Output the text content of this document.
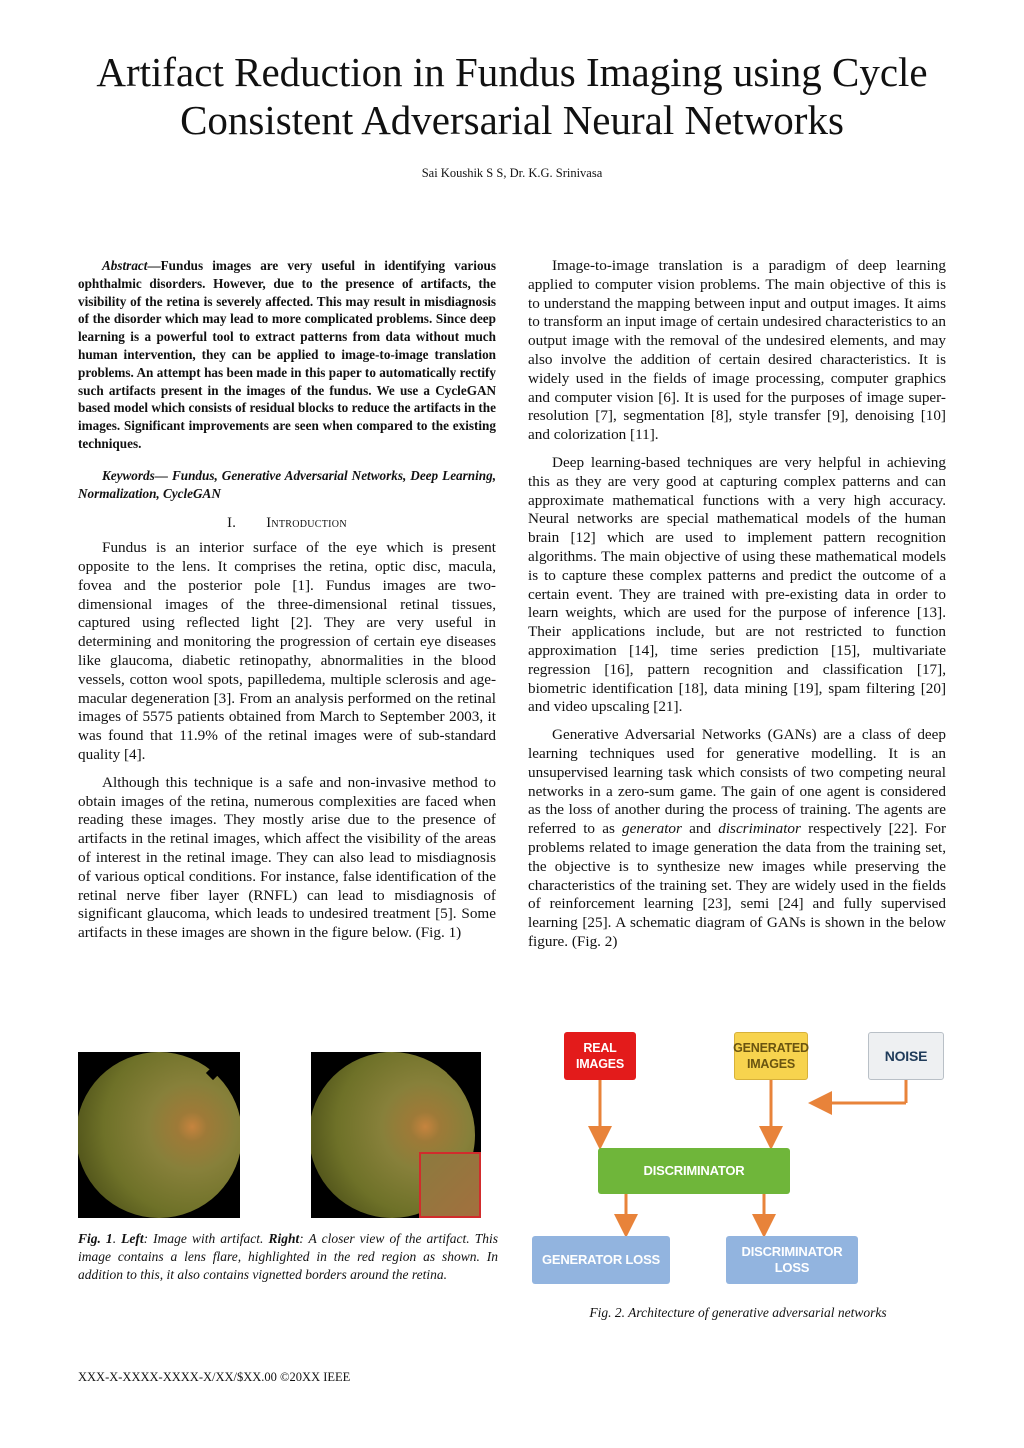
Artifact Reduction in Fundus Imaging using Cycle Consistent Adversarial Neural Networks
Sai Koushik S S, Dr. K.G. Srinivasa
Abstract—Fundus images are very useful in identifying various ophthalmic disorders. However, due to the presence of artifacts, the visibility of the retina is severely affected. This may result in misdiagnosis of the disorder which may lead to more complicated problems. Since deep learning is a powerful tool to extract patterns from data without much human intervention, they can be applied to image-to-image translation problems. An attempt has been made in this paper to automatically rectify such artifacts present in the images of the fundus. We use a CycleGAN based model which consists of residual blocks to reduce the artifacts in the images. Significant improvements are seen when compared to the existing techniques.
Keywords— Fundus, Generative Adversarial Networks, Deep Learning, Normalization, CycleGAN
I. Introduction

Fundus is an interior surface of the eye which is present opposite to the lens. It comprises the retina, optic disc, macula, fovea and the posterior pole [1]. Fundus images are two-dimensional images of the three-dimensional retinal tissues, captured using reflected light [2]. They are very useful in determining and monitoring the progression of certain eye diseases like glaucoma, diabetic retinopathy, abnormalities in the blood vessels, cotton wool spots, papilledema, multiple sclerosis and age-macular degeneration [3]. From an analysis performed on the retinal images of 5575 patients obtained from March to September 2003, it was found that 11.9% of the retinal images were of sub-standard quality [4].

Although this technique is a safe and non-invasive method to obtain images of the retina, numerous complexities are faced when reading these images. They mostly arise due to the presence of artifacts in the retinal images, which affect the visibility of the areas of interest in the retinal image. They can also lead to misdiagnosis of various optical conditions. For instance, false identification of the retinal nerve fiber layer (RNFL) can lead to misdiagnosis of significant glaucoma, which leads to undesired treatment [5]. Some artifacts in these images are shown in the figure below. (Fig. 1)

Image-to-image translation is a paradigm of deep learning applied to computer vision problems. The main objective of this is to understand the mapping between input and output images. It aims to transform an input image of certain undesired characteristics to an output image with the removal of the undesired elements, and may also involve the addition of certain desired characteristics. It is widely used in the fields of image processing, computer graphics and computer vision [6]. It is used for the purposes of image super-resolution [7], segmentation [8], style transfer [9], denoising [10] and colorization [11].

Deep learning-based techniques are very helpful in achieving this as they are very good at capturing complex patterns and can approximate mathematical functions with a very high accuracy. Neural networks are special mathematical models of the human brain [12] which are used to implement pattern recognition algorithms. The main objective of using these mathematical models is to capture these complex patterns and predict the outcome of a certain event. They are trained with pre-existing data in order to learn weights, which are used for the purpose of inference [13]. Their applications include, but are not restricted to function approximation [14], time series prediction [15], multivariate regression [16], pattern recognition and classification [17], biometric identification [18], data mining [19], spam filtering [20] and video upscaling [21].

Generative Adversarial Networks (GANs) are a class of deep learning techniques used for generative modelling. It is an unsupervised learning task which consists of two competing neural networks in a zero-sum game. The gain of one agent is considered as the loss of another during the process of training. The agents are referred to as generator and discriminator respectively [22]. For problems related to image generation the data from the training set, the objective is to synthesize new images while preserving the characteristics of the training set. They are widely used in the fields of reinforcement learning [23], semi [24] and fully supervised learning [25]. A schematic diagram of GANs is shown in the below figure. (Fig. 2)

Fig. 1. Left: Image with artifact. Right: A closer view of the artifact. This image contains a lens flare, highlighted in the red region as shown. In addition to this, it also contains vignetted borders around the retina.
REAL IMAGES
GENERATED IMAGES	NOISE
DISCRIMINATOR
GENERATOR LOSS
DISCRIMINATOR LOSS
Fig. 2. Architecture of generative adversarial networks
XXX-X-XXXX-XXXX-X/XX/$XX.00 ©20XX IEEE
